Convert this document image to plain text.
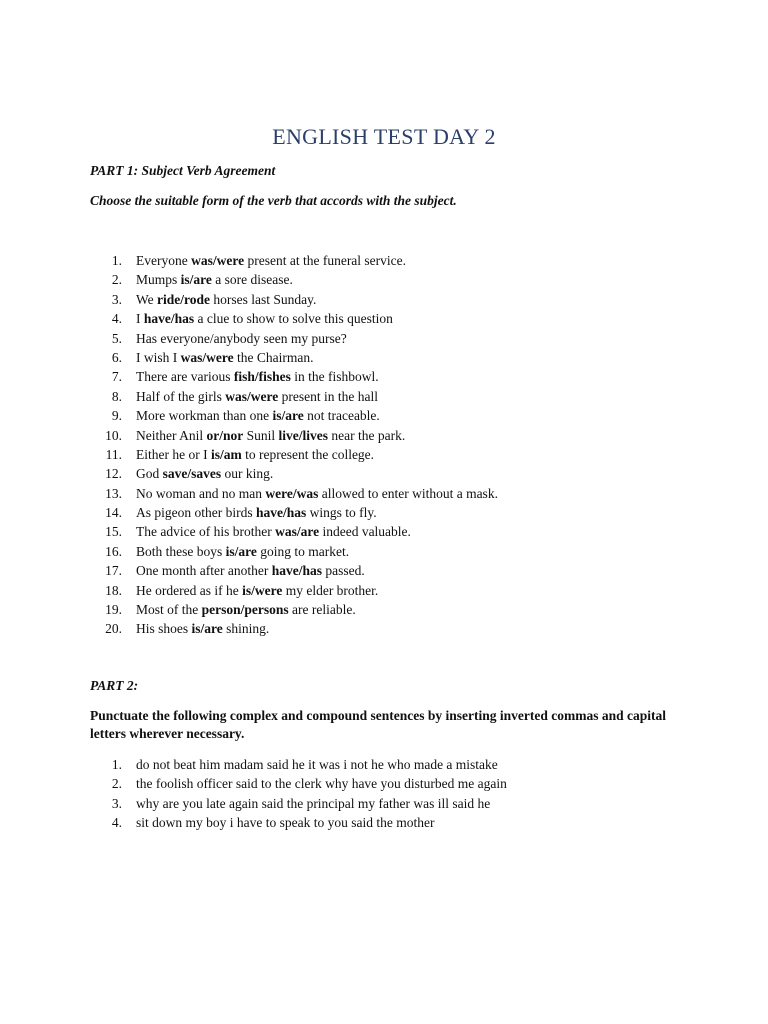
ENGLISH TEST DAY 2

PART 1: Subject Verb Agreement

Choose the suitable form of the verb that accords with the subject.

1. Everyone was/were present at the funeral service.
2. Mumps is/are a sore disease.
3. We ride/rode horses last Sunday.
4. I have/has a clue to show to solve this question
5. Has everyone/anybody seen my purse?
6. I wish I was/were the Chairman.
7. There are various fish/fishes in the fishbowl.
8. Half of the girls was/were present in the hall
9. More workman than one is/are not traceable.
10. Neither Anil or/nor Sunil live/lives near the park.
11. Either he or I is/am to represent the college.
12. God save/saves our king.
13. No woman and no man were/was allowed to enter without a mask.
14. As pigeon other birds have/has wings to fly.
15. The advice of his brother was/are indeed valuable.
16. Both these boys is/are going to market.
17. One month after another have/has passed.
18. He ordered as if he is/were my elder brother.
19. Most of the person/persons are reliable.
20. His shoes is/are shining.

PART 2:

Punctuate the following complex and compound sentences by inserting inverted commas and capital letters wherever necessary.

1. do not beat him madam said he it was i not he who made a mistake
2. the foolish officer said to the clerk why have you disturbed me again
3. why are you late again said the principal my father was ill said he
4. sit down my boy i have to speak to you said the mother
